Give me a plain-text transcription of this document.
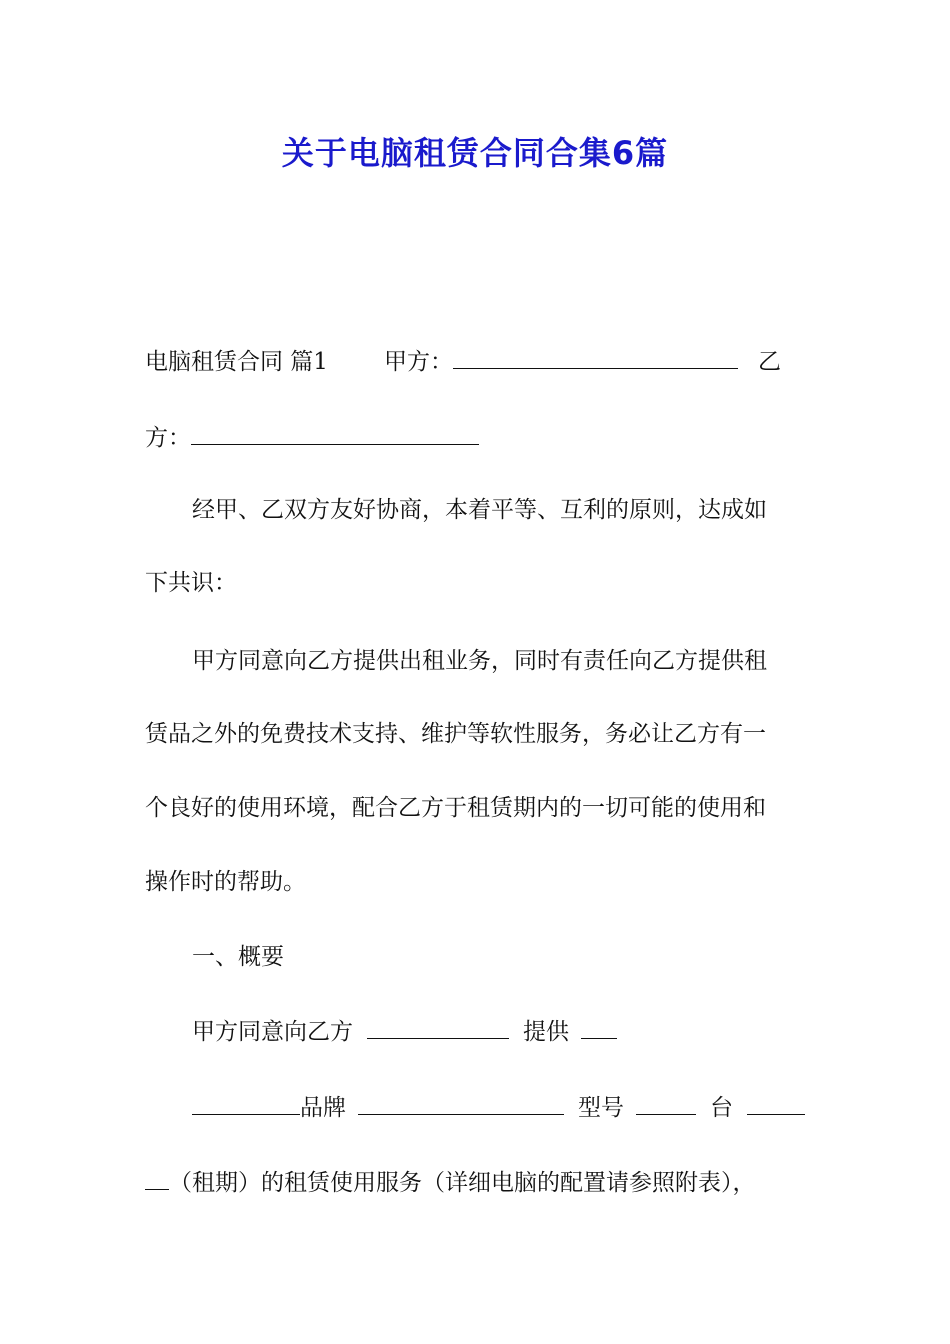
关于电脑租赁合同合集6篇
电脑租赁合同 篇1 甲方：	乙
方：
经甲、乙双方友好协商，本着平等、互利的原则，达成如
下共识：
甲方同意向乙方提供出租业务，同时有责任向乙方提供租
赁品之外的免费技术支持、维护等软性服务，务必让乙方有一
个良好的使用环境，配合乙方于租赁期内的一切可能的使用和
操作时的帮助。
一、概要
甲方同意向乙方	提供
品牌	型号	台
（租期）的租赁使用服务（详细电脑的配置请参照附表），
